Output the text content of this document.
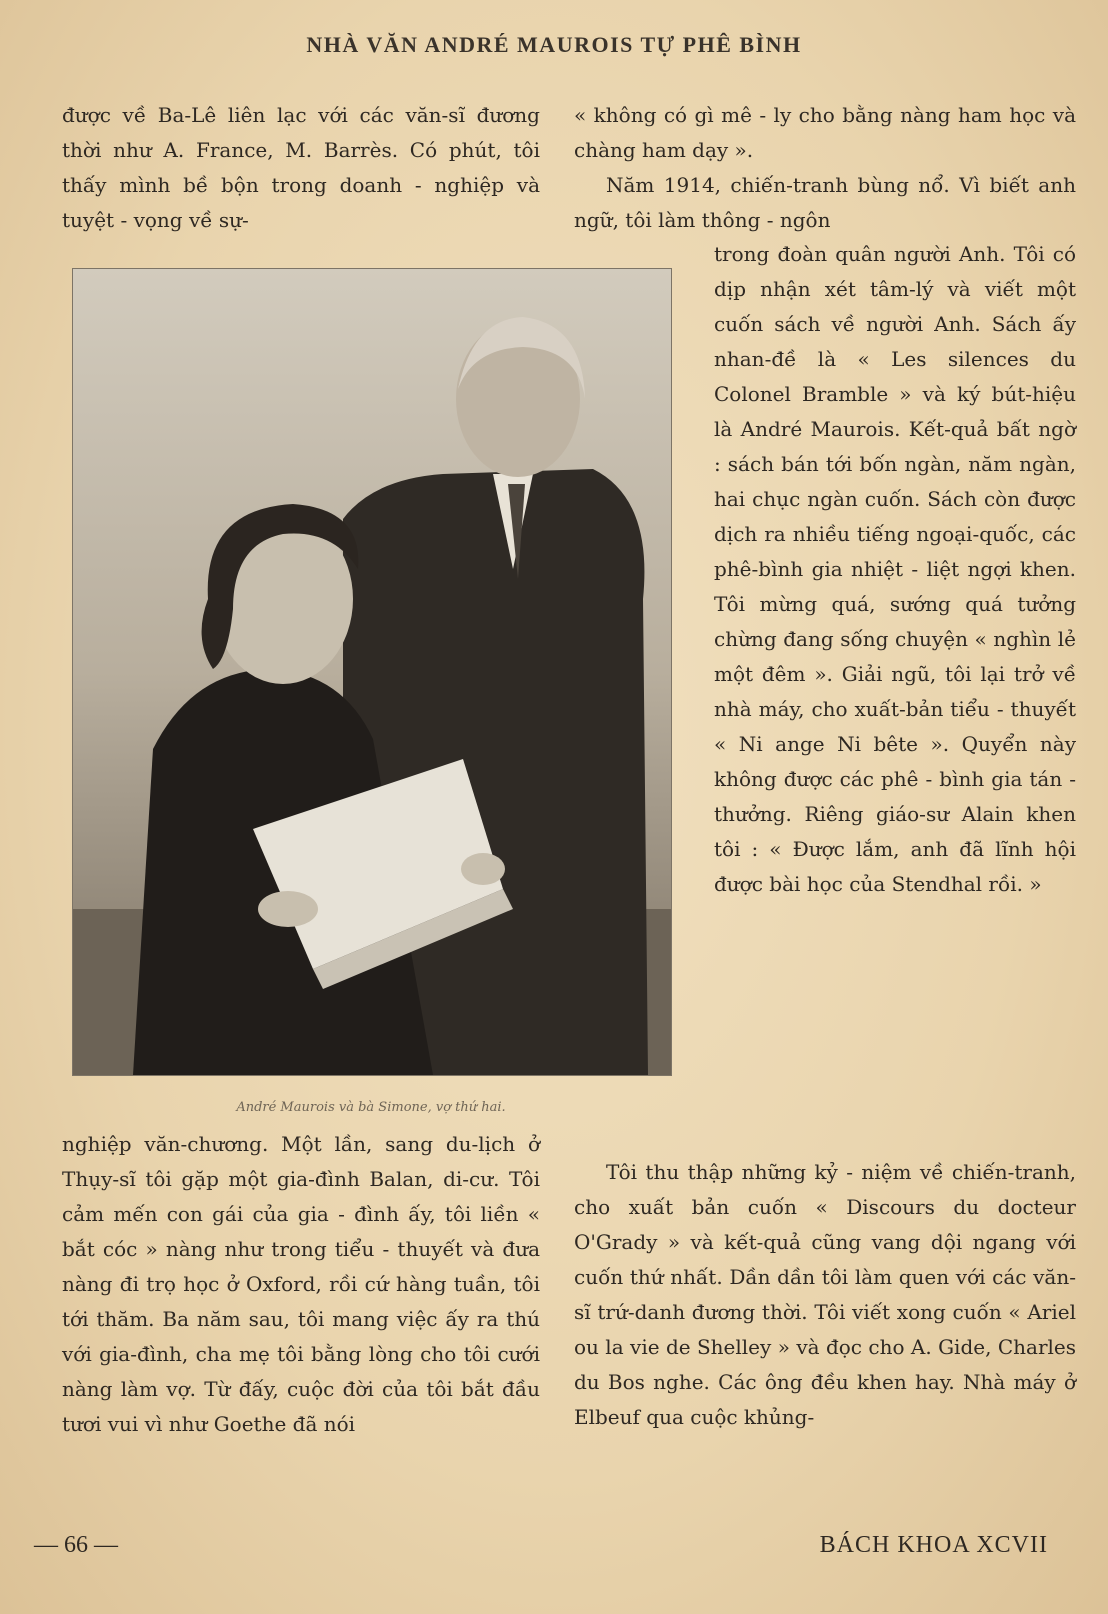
NHÀ VĂN ANDRÉ MAUROIS TỰ PHÊ BÌNH

được về Ba-Lê liên lạc với các văn-sĩ đương thời như A. France, M. Barrès. Có phút, tôi thấy mình bề bộn trong doanh - nghiệp và tuyệt - vọng về sự-

« không có gì mê - ly cho bằng nàng ham học và chàng ham dạy ».

Năm 1914, chiến-tranh bùng nổ. Vì biết anh ngữ, tôi làm thông - ngôn

trong đoàn quân người Anh. Tôi có dịp nhận xét tâm-lý và viết một cuốn sách về người Anh. Sách ấy nhan-đề là « Les silences du Colonel Bramble » và ký bút-hiệu là André Maurois. Kết-quả bất ngờ : sách bán tới bốn ngàn, năm ngàn, hai chục ngàn cuốn. Sách còn được dịch ra nhiều tiếng ngoại-quốc, các phê-bình gia nhiệt - liệt ngợi khen. Tôi mừng quá, sướng quá tưởng chừng đang sống chuyện « nghìn lẻ một đêm ». Giải ngũ, tôi lại trở về nhà máy, cho xuất-bản tiểu - thuyết « Ni ange Ni bête ». Quyển này không được các phê - bình gia tán - thưởng. Riêng giáo-sư Alain khen tôi : « Được lắm, anh đã lĩnh hội được bài học của Stendhal rồi. »

André Maurois và bà Simone, vợ thứ hai.

nghiệp văn-chương. Một lần, sang du-lịch ở Thụy-sĩ tôi gặp một gia-đình Balan, di-cư. Tôi cảm mến con gái của gia - đình ấy, tôi liền « bắt cóc » nàng như trong tiểu - thuyết và đưa nàng đi trọ học ở Oxford, rồi cứ hàng tuần, tôi tới thăm. Ba năm sau, tôi mang việc ấy ra thú với gia-đình, cha mẹ tôi bằng lòng cho tôi cưới nàng làm vợ. Từ đấy, cuộc đời của tôi bắt đầu tươi vui vì như Goethe đã nói

Tôi thu thập những kỷ - niệm về chiến-tranh, cho xuất bản cuốn « Discours du docteur O'Grady » và kết-quả cũng vang dội ngang với cuốn thứ nhất. Dần dần tôi làm quen với các văn-sĩ trứ-danh đương thời. Tôi viết xong cuốn « Ariel ou la vie de Shelley » và đọc cho A. Gide, Charles du Bos nghe. Các ông đều khen hay. Nhà máy ở Elbeuf qua cuộc khủng-

— 66 —	BÁCH KHOA XCVII
